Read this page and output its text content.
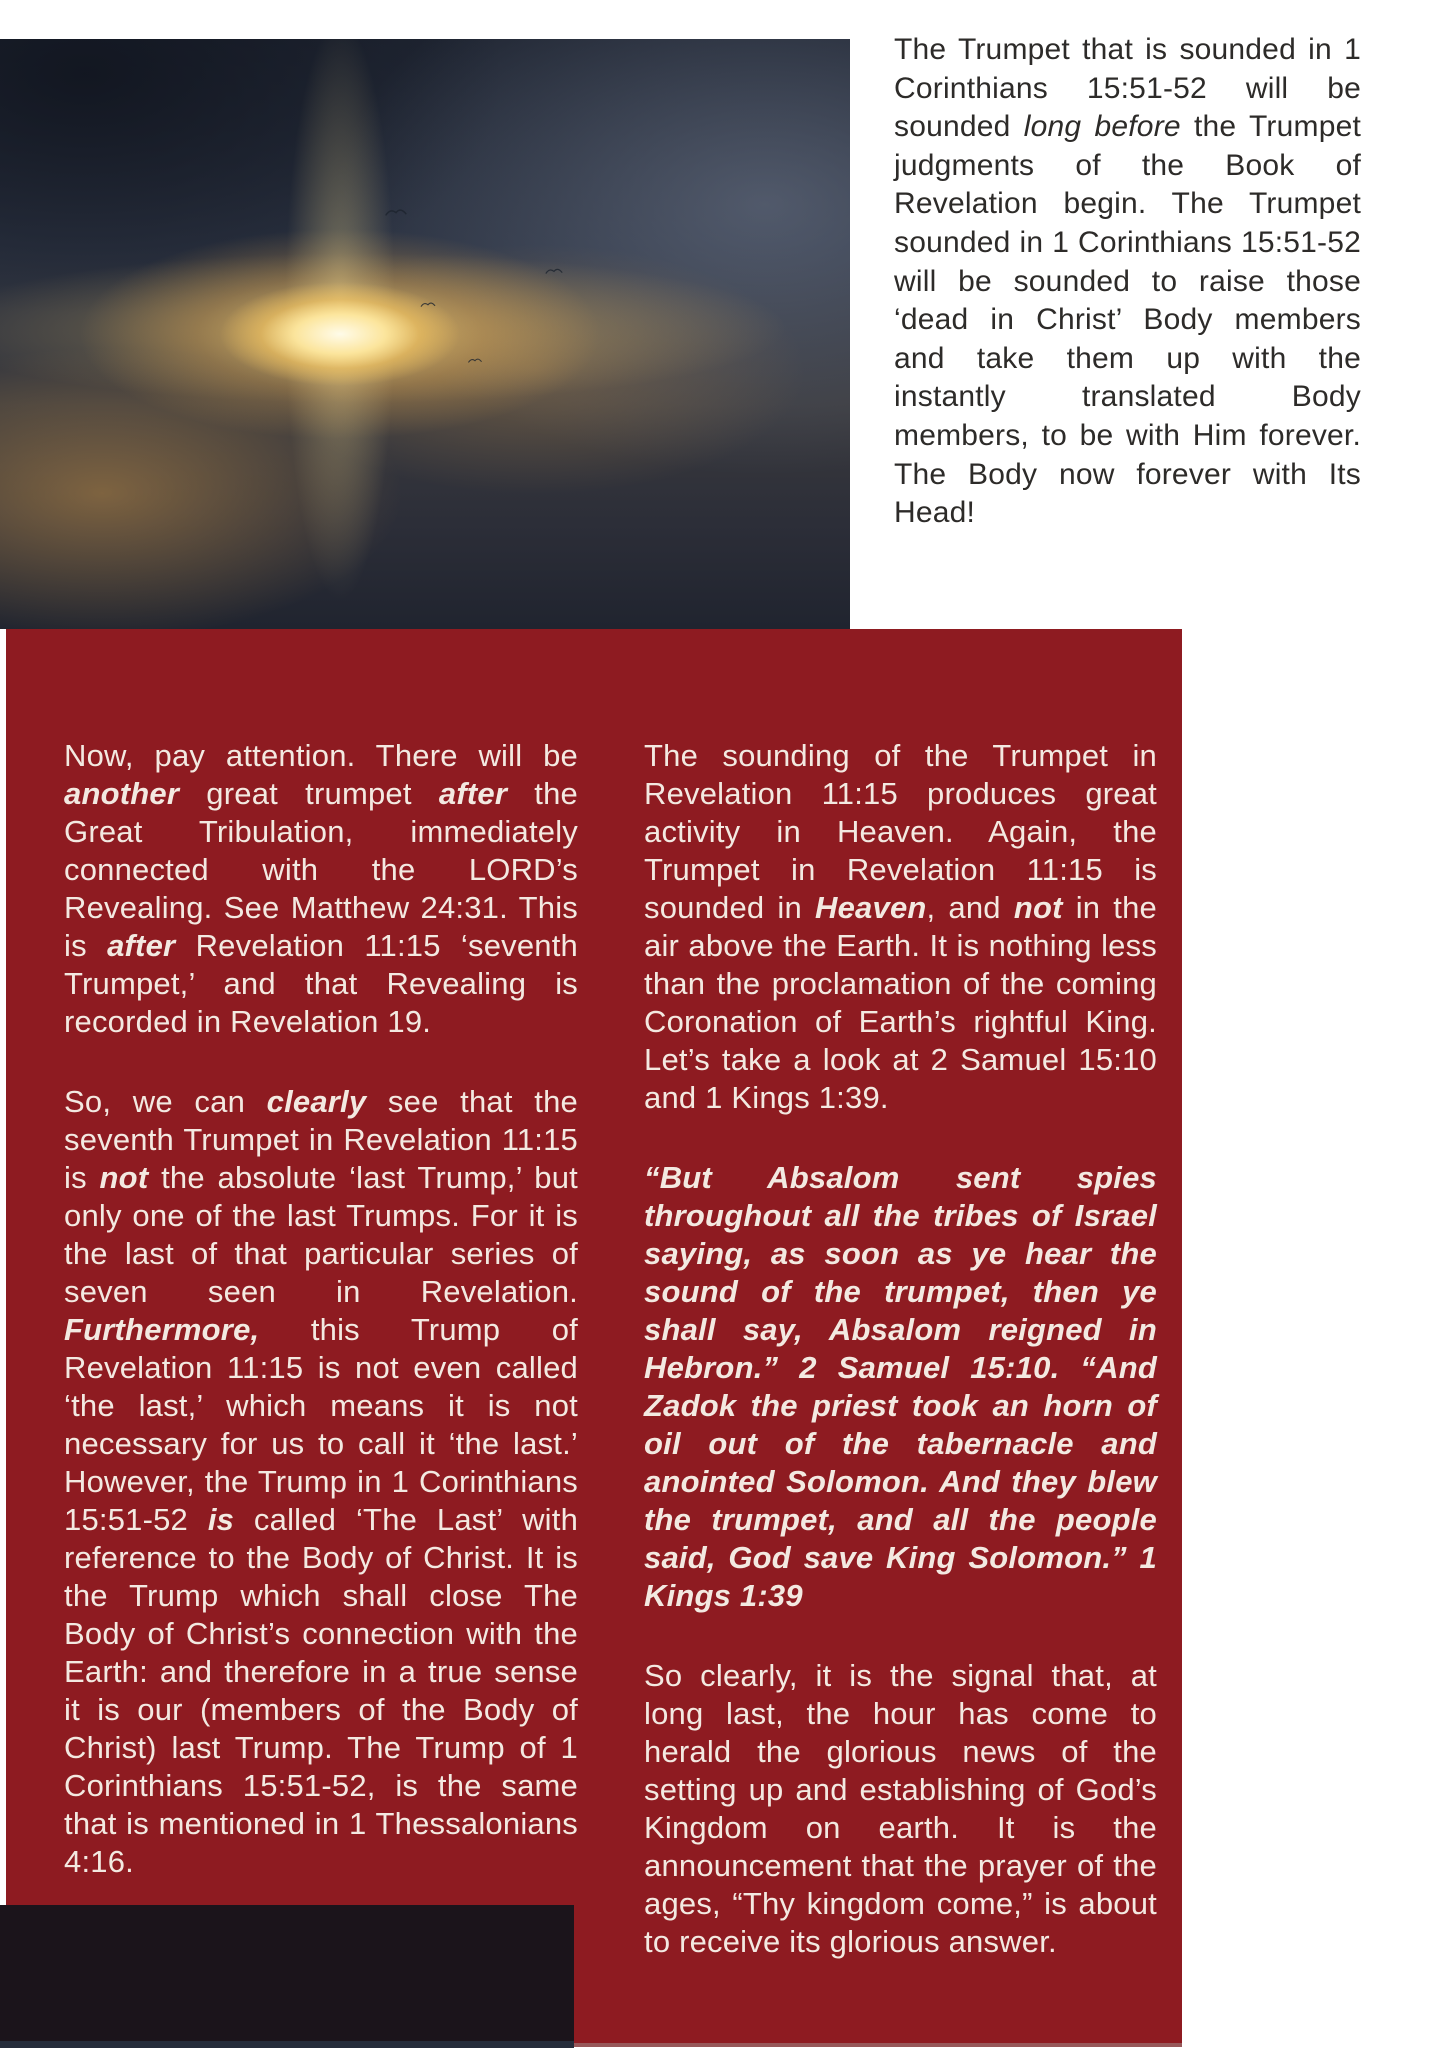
The Trumpet that is sounded in 1 Corinthians 15:51-52 will be sounded long before the Trumpet judgments of the Book of Revelation begin. The Trumpet sounded in 1 Corinthians 15:51-52 will be sounded to raise those ‘dead in Christ’ Body members and take them up with the instantly translated Body members, to be with Him forever. The Body now forever with Its Head!

Now, pay attention. There will be another great trumpet after the Great Tribulation, immediately connected with the LORD’s Revealing. See Matthew 24:31. This is after Revelation 11:15 ‘seventh Trumpet,’ and that Revealing is recorded in Revelation 19.

So, we can clearly see that the seventh Trumpet in Revelation 11:15 is not the absolute ‘last Trump,’ but only one of the last Trumps. For it is the last of that particular series of seven seen in Revelation. Furthermore, this Trump of Revelation 11:15 is not even called ‘the last,’ which means it is not necessary for us to call it ‘the last.’ However, the Trump in 1 Corinthians 15:51-52 is called ‘The Last’ with reference to the Body of Christ. It is the Trump which shall close The Body of Christ’s connection with the Earth: and therefore in a true sense it is our (members of the Body of Christ) last Trump. The Trump of 1 Corinthians 15:51-52, is the same that is mentioned in 1 Thessalonians 4:16.

The sounding of the Trumpet in Revelation 11:15 produces great activity in Heaven. Again, the Trumpet in Revelation 11:15 is sounded in Heaven, and not in the air above the Earth. It is nothing less than the proclamation of the coming Coronation of Earth’s rightful King. Let’s take a look at 2 Samuel 15:10 and 1 Kings 1:39.

“But Absalom sent spies throughout all the tribes of Israel saying, as soon as ye hear the sound of the trumpet, then ye shall say, Absalom reigned in Hebron.” 2 Samuel 15:10. “And Zadok the priest took an horn of oil out of the tabernacle and anointed Solomon. And they blew the trumpet, and all the people said, God save King Solomon.” 1 Kings 1:39

So clearly, it is the signal that, at long last, the hour has come to herald the glorious news of the setting up and establishing of God’s Kingdom on earth. It is the announcement that the prayer of the ages, “Thy kingdom come,” is about to receive its glorious answer.
